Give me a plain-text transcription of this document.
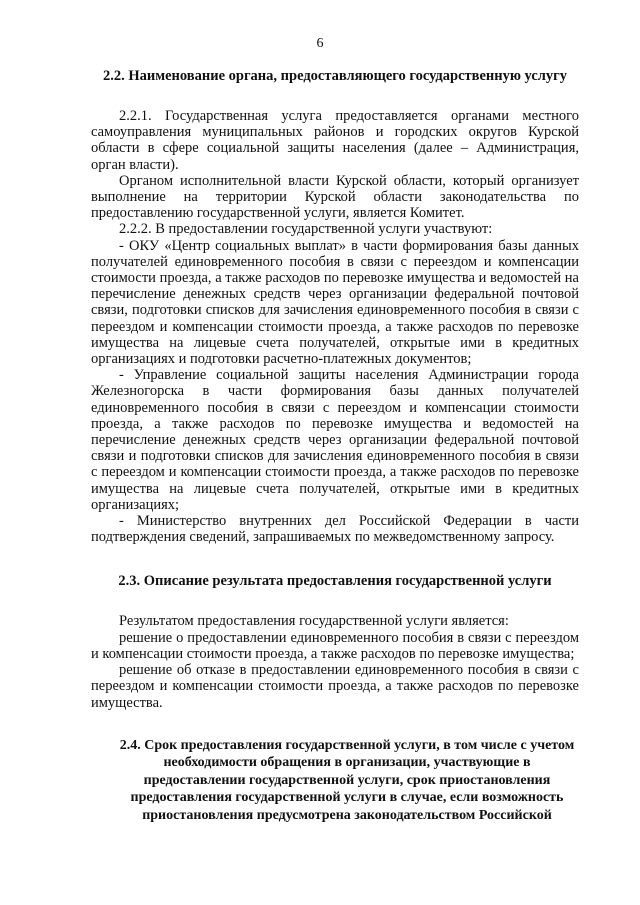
6
2.2. Наименование органа, предоставляющего государственную услугу

2.2.1. Государственная услуга предоставляется органами местного самоуправления муниципальных районов и городских округов Курской области в сфере социальной защиты населения (далее – Администрация, орган власти).

Органом исполнительной власти Курской области, который организует выполнение на территории Курской области законодательства по предоставлению государственной услуги, является Комитет.

2.2.2. В предоставлении государственной услуги участвуют:

- ОКУ «Центр социальных выплат» в части формирования базы данных получателей единовременного пособия в связи с переездом и компенсации стоимости проезда, а также расходов по перевозке имущества и ведомостей на перечисление денежных средств через организации федеральной почтовой связи, подготовки списков для зачисления единовременного пособия в связи с переездом и компенсации стоимости проезда, а также расходов по перевозке имущества на лицевые счета получателей, открытые ими в кредитных организациях и подготовки расчетно-платежных документов;

- Управление социальной защиты населения Администрации города Железногорска в части формирования базы данных получателей единовременного пособия в связи с переездом и компенсации стоимости проезда, а также расходов по перевозке имущества и ведомостей на перечисление денежных средств через организации федеральной почтовой связи и подготовки списков для зачисления единовременного пособия в связи с переездом и компенсации стоимости проезда, а также расходов по перевозке имущества на лицевые счета получателей, открытые ими в кредитных организациях;

- Министерство внутренних дел Российской Федерации в части подтверждения сведений, запрашиваемых по межведомственному запросу.

2.3. Описание результата предоставления государственной услуги

Результатом предоставления государственной услуги является:

решение о предоставлении единовременного пособия в связи с переездом и компенсации стоимости проезда, а также расходов по перевозке имущества;

решение об отказе в предоставлении единовременного пособия в связи с переездом и компенсации стоимости проезда, а также расходов по перевозке имущества.

2.4. Срок предоставления государственной услуги, в том числе с учетом необходимости обращения в организации, участвующие в предоставлении государственной услуги, срок приостановления предоставления государственной услуги в случае, если возможность приостановления предусмотрена законодательством Российской
